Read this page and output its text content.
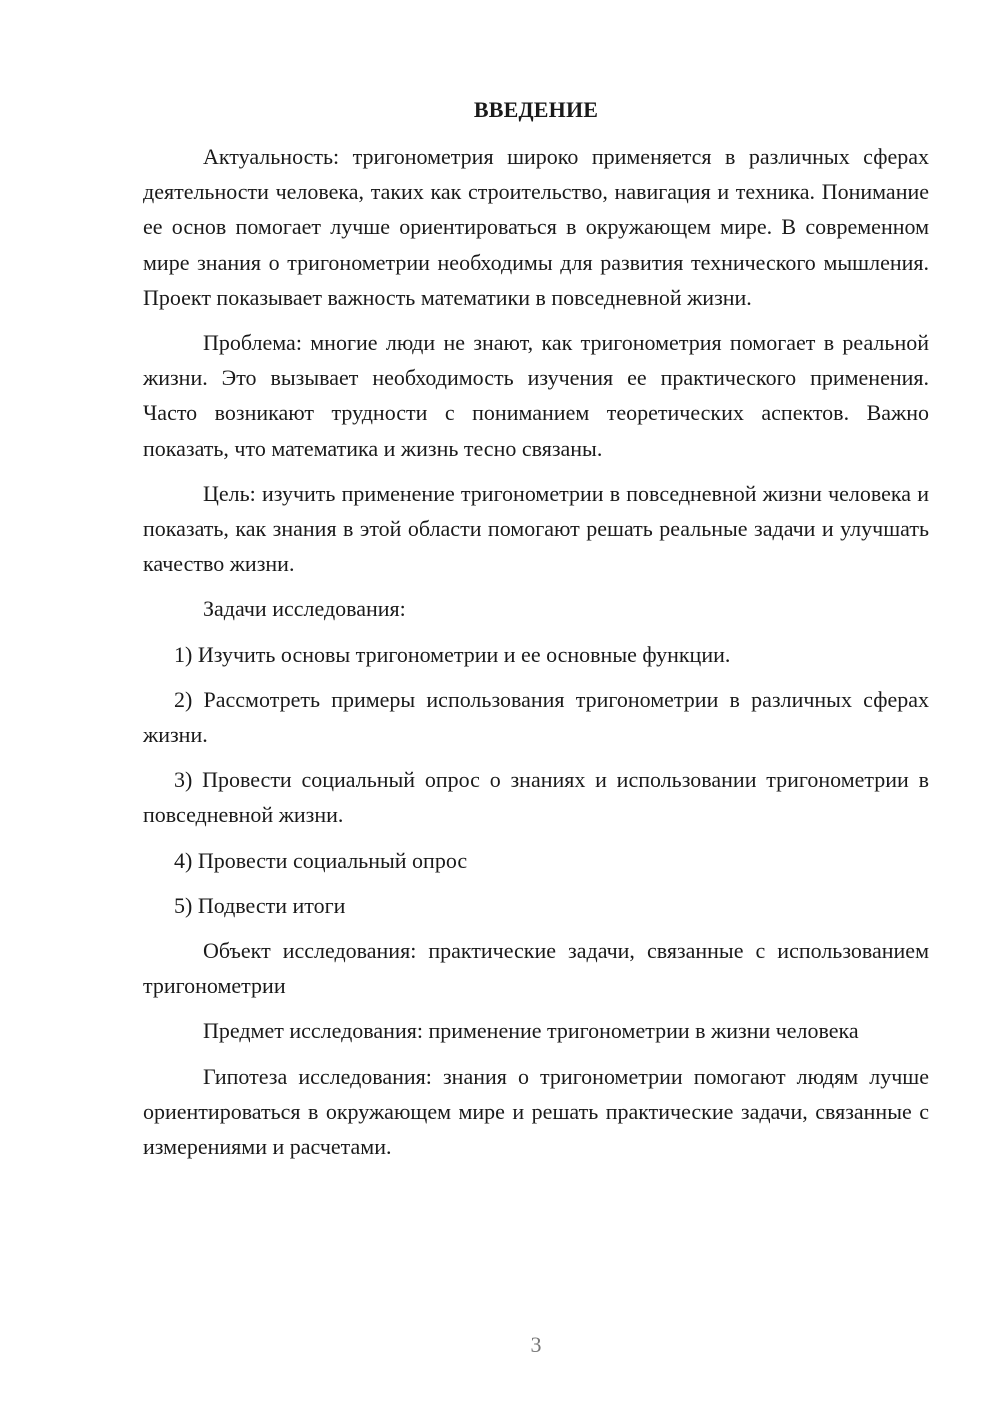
ВВЕДЕНИЕ

Актуальность: тригонометрия широко применяется в различных сферах деятельности человека, таких как строительство, навигация и техника. Понимание ее основ помогает лучше ориентироваться в окружающем мире. В современном мире знания о тригонометрии необходимы для развития технического мышления. Проект показывает важность математики в повседневной жизни.

Проблема: многие люди не знают, как тригонометрия помогает в реальной жизни. Это вызывает необходимость изучения ее практического применения. Часто возникают трудности с пониманием теоретических аспектов. Важно показать, что математика и жизнь тесно связаны.

Цель: изучить применение тригонометрии в повседневной жизни человека и показать, как знания в этой области помогают решать реальные задачи и улучшать качество жизни.

Задачи исследования:

1) Изучить основы тригонометрии и ее основные функции.

2) Рассмотреть примеры использования тригонометрии в различных сферах жизни.

3) Провести социальный опрос о знаниях и использовании тригонометрии в повседневной жизни.

4) Провести социальный опрос

5) Подвести итоги

Объект исследования: практические задачи, связанные с использованием тригонометрии

Предмет исследования: применение тригонометрии в жизни человека

Гипотеза исследования: знания о тригонометрии помогают людям лучше ориентироваться в окружающем мире и решать практические задачи, связанные с измерениями и расчетами.

3
